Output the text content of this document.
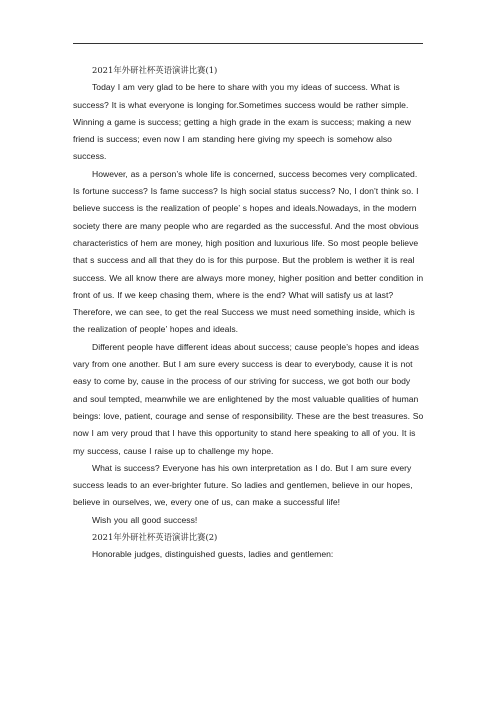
2021年外研社杯英语演讲比赛(1)

Today I am very glad to be here to share with you my ideas of success. What is success? It is what everyone is longing for.Sometimes success would be rather simple. Winning a game is success; getting a high grade in the exam is success; making a new friend is success; even now I am standing here giving my speech is somehow also success.

However, as a person’s whole life is concerned, success becomes very complicated. Is fortune success? Is fame success? Is high social status success? No, I don’t think so. I believe success is the realization of people’ s hopes and ideals.Nowadays, in the modern society there are many people who are regarded as the successful. And the most obvious characteristics of hem are money, high position and luxurious life. So most people believe that s success and all that they do is for this purpose. But the problem is wether it is real success. We all know there are always more money, higher position and better condition in front of us. If we keep chasing them, where is the end? What will satisfy us at last? Therefore, we can see, to get the real Success we must need something inside, which is the realization of people’ hopes and ideals.

Different people have different ideas about success; cause people’s hopes and ideas vary from one another. But I am sure every success is dear to everybody, cause it is not easy to come by, cause in the process of our striving for success, we got both our body and soul tempted, meanwhile we are enlightened by the most valuable qualities of human beings: love, patient, courage and sense of responsibility. These are the best treasures. So now I am very proud that I have this opportunity to stand here speaking to all of you. It is my success, cause I raise up to challenge my hope.

What is success? Everyone has his own interpretation as I do. But I am sure every success leads to an ever-brighter future. So ladies and gentlemen, believe in our hopes, believe in ourselves, we, every one of us, can make a successful life!

Wish you all good success!

2021年外研社杯英语演讲比赛(2)

Honorable judges, distinguished guests, ladies and gentlemen:
